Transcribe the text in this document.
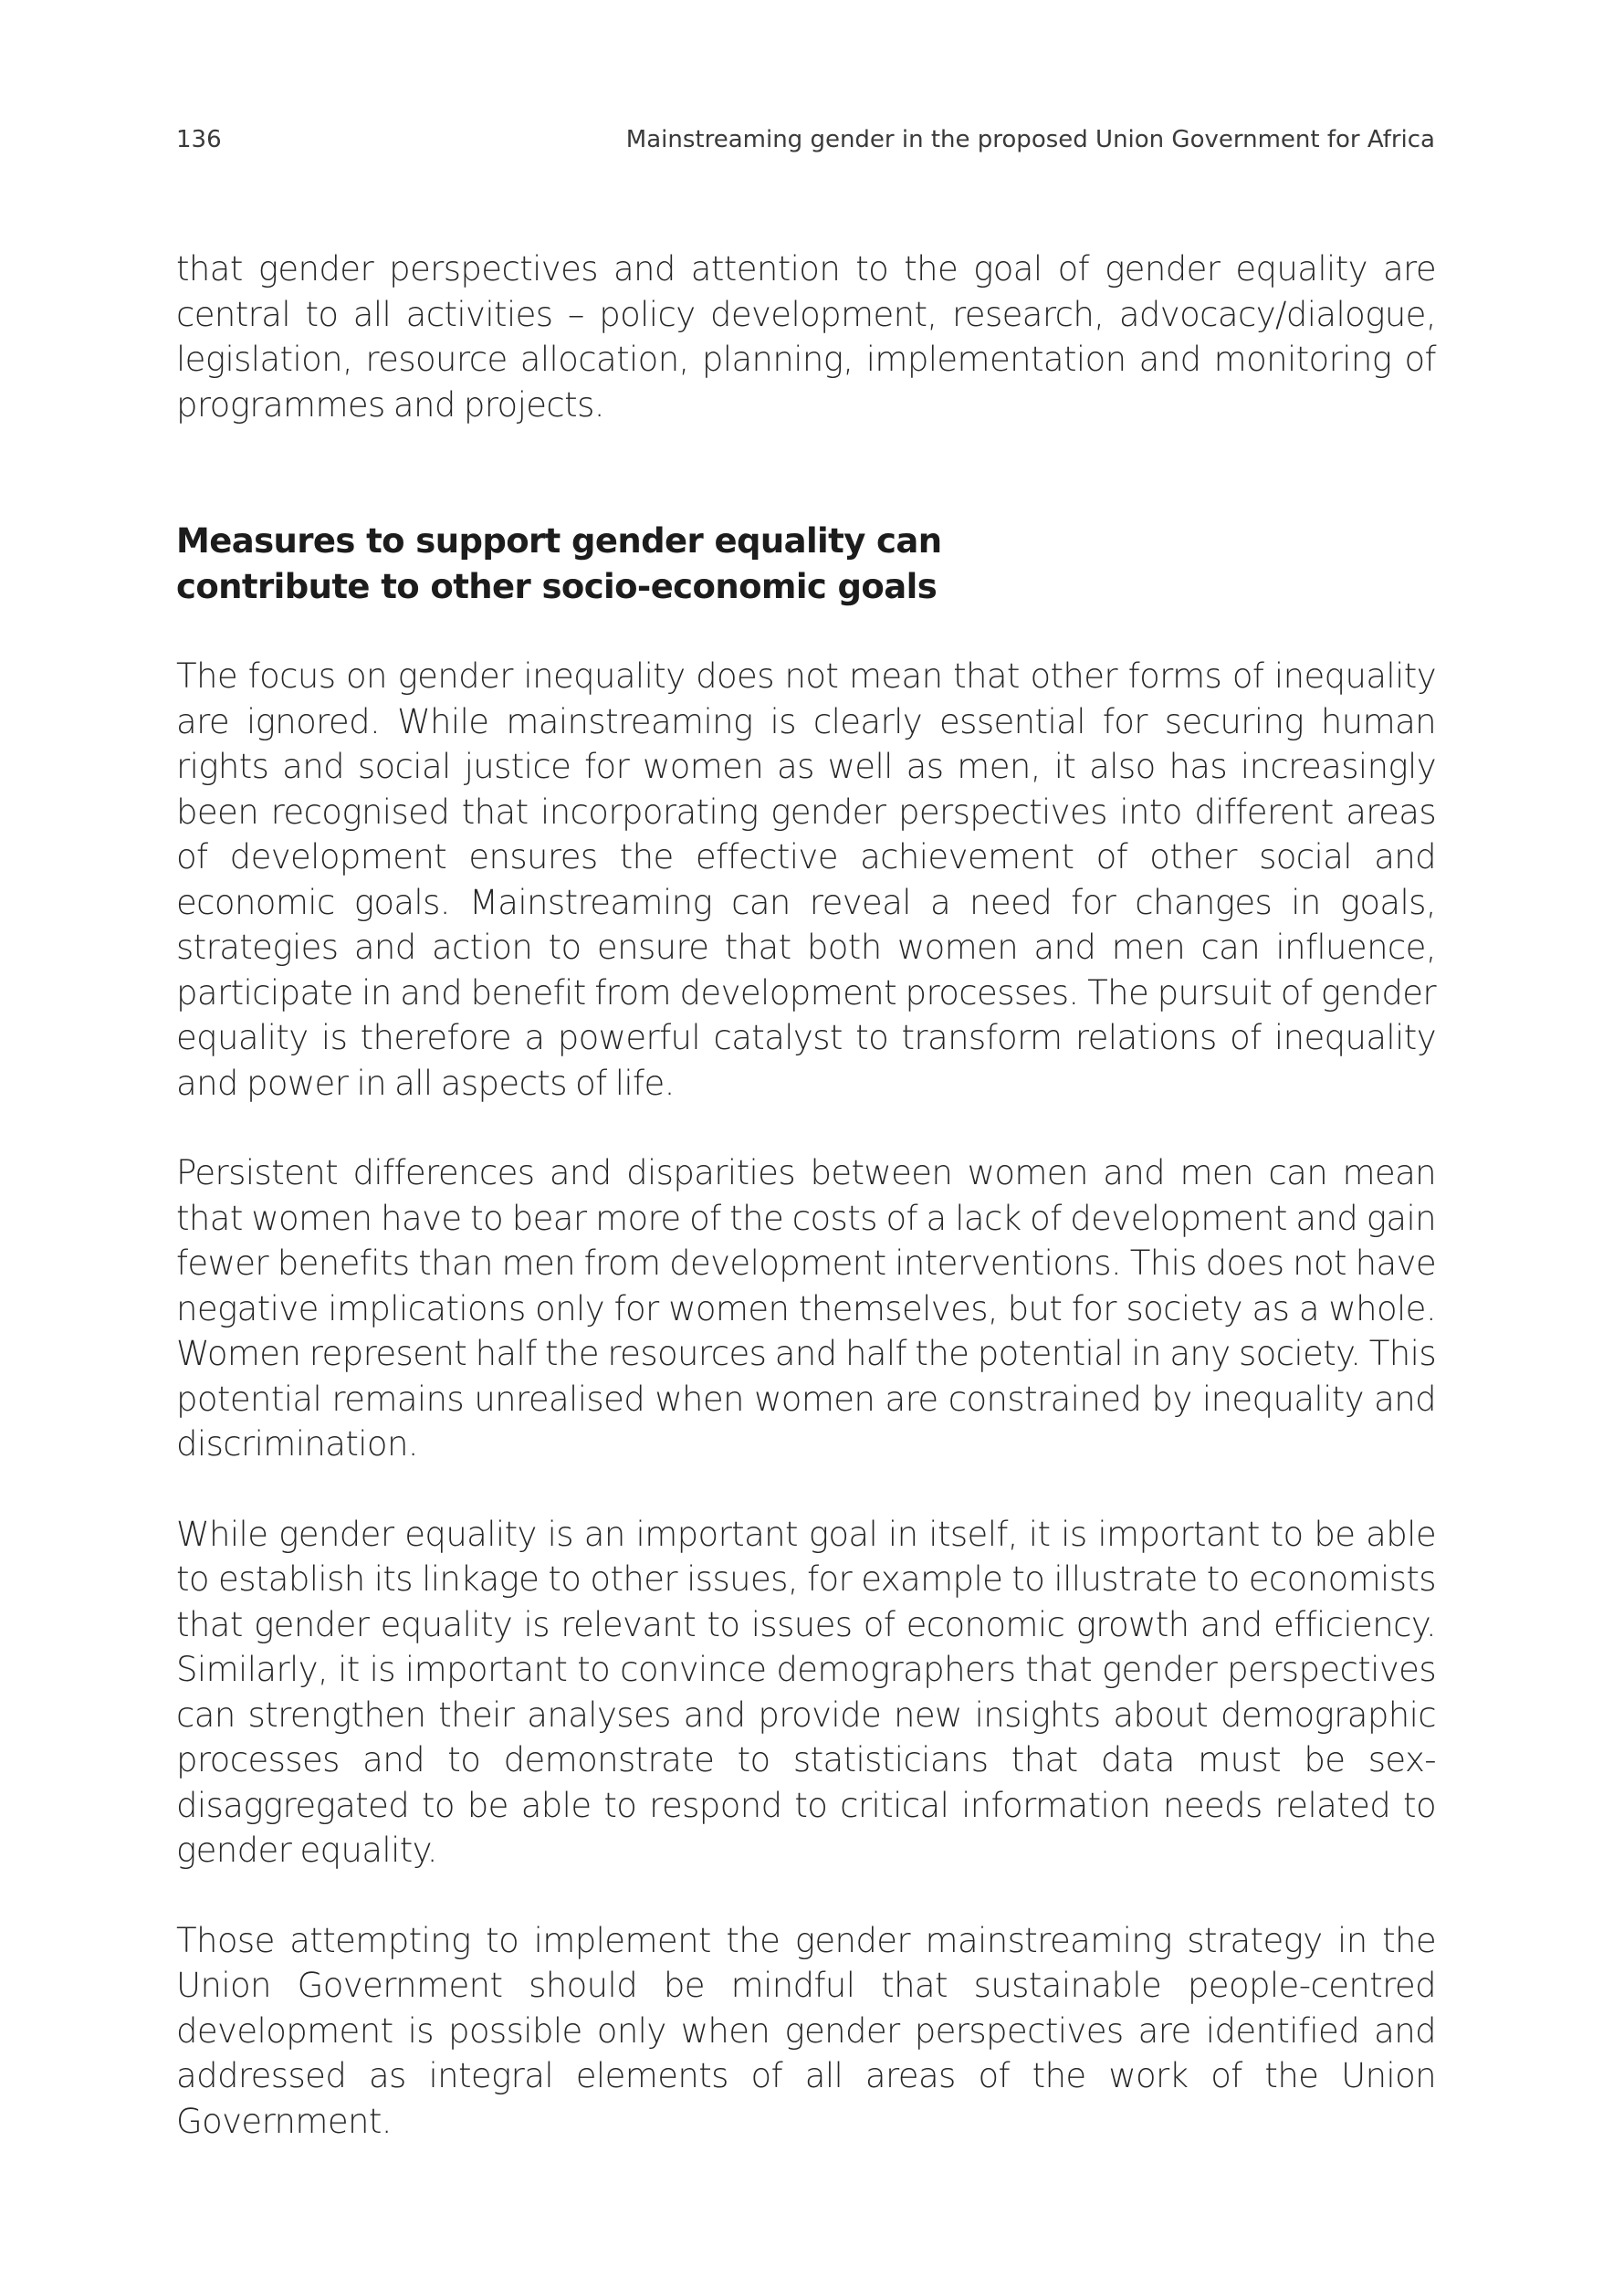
136	Mainstreaming gender in the proposed Union Government for Africa

that gender perspectives and attention to the goal of gender equality are central to all activities – policy development, research, advocacy/dialogue, legislation, resource allocation, planning, implementation and monitoring of programmes and projects.

Measures to support gender equality can
contribute to other socio-economic goals

The focus on gender inequality does not mean that other forms of inequality are ignored. While mainstreaming is clearly essential for securing human rights and social justice for women as well as men, it also has increasingly been recognised that incorporating gender perspectives into different areas of development ensures the effective achievement of other social and economic goals. Mainstreaming can reveal a need for changes in goals, strategies and action to ensure that both women and men can influence, participate in and benefit from development processes. The pursuit of gender equality is therefore a powerful catalyst to transform relations of inequality and power in all aspects of life.

Persistent differences and disparities between women and men can mean that women have to bear more of the costs of a lack of development and gain fewer benefits than men from development interventions. This does not have negative implications only for women themselves, but for society as a whole. Women represent half the resources and half the potential in any society. This potential remains unrealised when women are constrained by inequality and discrimination.

While gender equality is an important goal in itself, it is important to be able to establish its linkage to other issues, for example to illustrate to economists that gender equality is relevant to issues of economic growth and efficiency. Similarly, it is important to convince demographers that gender perspectives can strengthen their analyses and provide new insights about demographic processes and to demonstrate to statisticians that data must be sex-disaggregated to be able to respond to critical information needs related to gender equality.

Those attempting to implement the gender mainstreaming strategy in the Union Government should be mindful that sustainable people-centred development is possible only when gender perspectives are identified and addressed as integral elements of all areas of the work of the Union Government.
